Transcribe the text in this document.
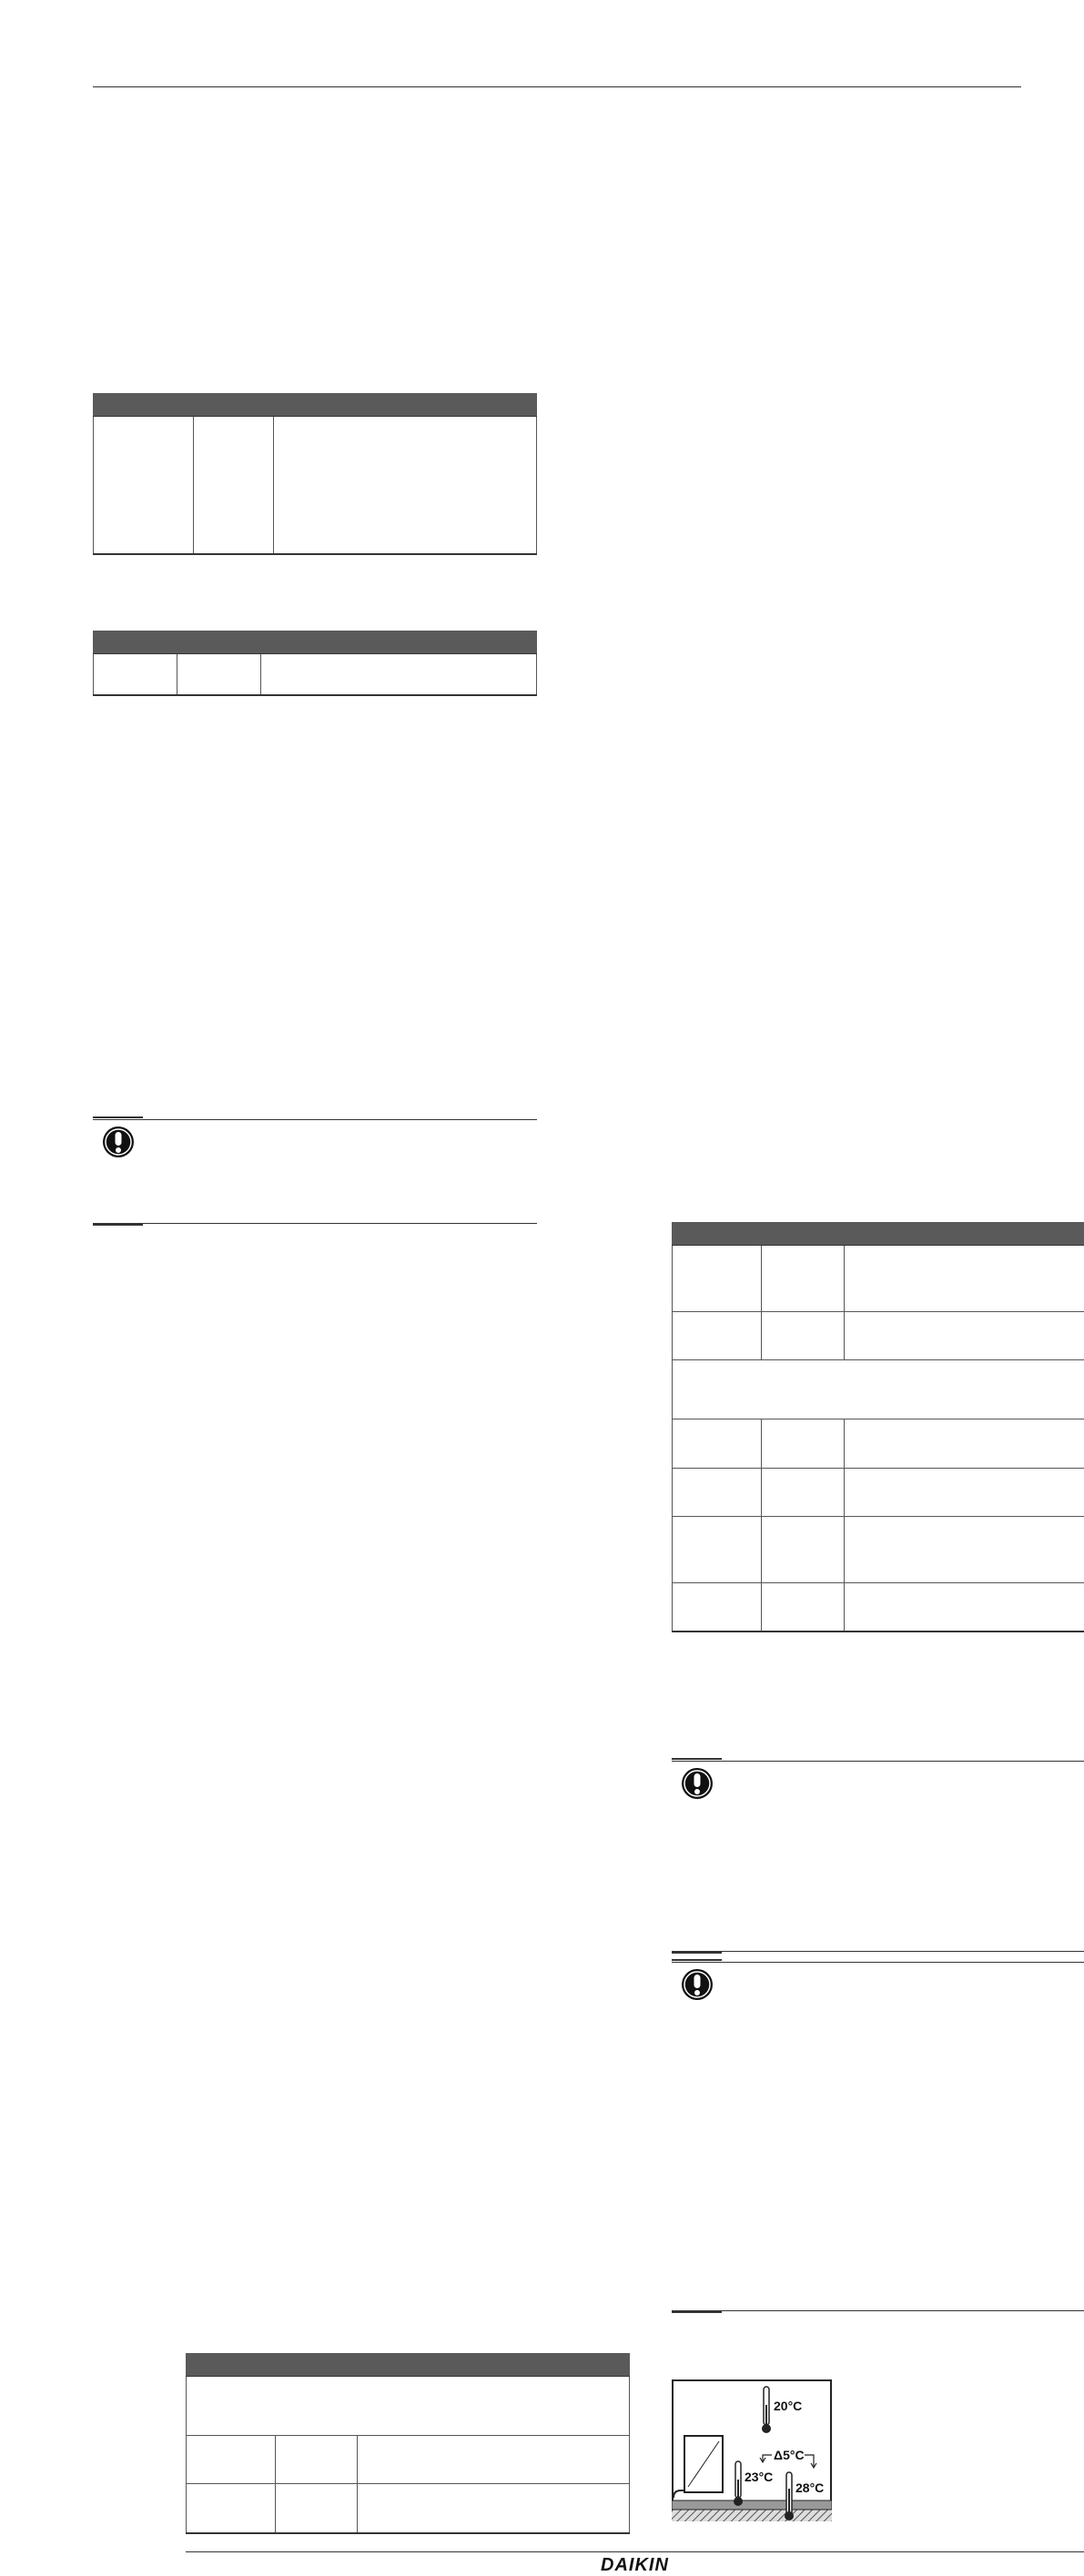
20°C
23°C
28°C
Δ5°C
DAIKIN
